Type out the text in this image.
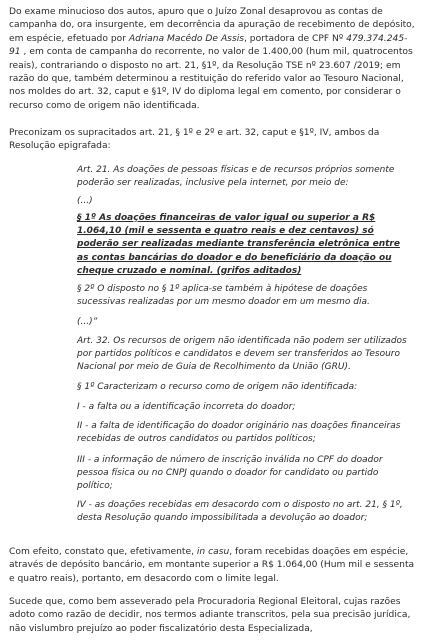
Do exame minucioso dos autos, apuro que o Juízo Zonal desaprovou as contas de campanha do, ora insurgente, em decorrência da apuração de recebimento de depósito, em espécie, efetuado por Adriana Macêdo De Assis, portadora de CPF Nº 479.374.245-91 , em conta de campanha do recorrente, no valor de 1.400,00 (hum mil, quatrocentos reais), contrariando o disposto no art. 21, §1º, da Resolução TSE nº 23.607 /2019; em razão do que, também determinou a restituição do referido valor ao Tesouro Nacional, nos moldes do art. 32, caput e §1º, IV do diploma legal em comento, por considerar o recurso como de origem não identificada.

Preconizam os supracitados art. 21, § 1º e 2º e art. 32, caput e §1º, IV, ambos da Resolução epigrafada:

Art. 21. As doações de pessoas físicas e de recursos próprios somente poderão ser realizadas, inclusive pela internet, por meio de:

(...)

§ 1º As doações financeiras de valor igual ou superior a R$ 1.064,10 (mil e sessenta e quatro reais e dez centavos) só poderão ser realizadas mediante transferência eletrônica entre as contas bancárias do doador e do beneficiário da doação ou cheque cruzado e nominal. (grifos aditados)

§ 2º O disposto no § 1º aplica-se também à hipótese de doações sucessivas realizadas por um mesmo doador em um mesmo dia.

(...)”

Art. 32. Os recursos de origem não identificada não podem ser utilizados por partidos políticos e candidatos e devem ser transferidos ao Tesouro Nacional por meio de Guia de Recolhimento da União (GRU).

§ 1º Caracterizam o recurso como de origem não identificada:

I - a falta ou a identificação incorreta do doador;

II - a falta de identificação do doador originário nas doações financeiras recebidas de outros candidatos ou partidos políticos;

III - a informação de número de inscrição inválida no CPF do doador pessoa física ou no CNPJ quando o doador for candidato ou partido político;

IV - as doações recebidas em desacordo com o disposto no art. 21, § 1º, desta Resolução quando impossibilitada a devolução ao doador;

Com efeito, constato que, efetivamente, in casu, foram recebidas doações em espécie, através de depósito bancário, em montante superior a R$ 1.064,00 (Hum mil e sessenta e quatro reais), portanto, em desacordo com o limite legal.

Sucede que, como bem asseverado pela Procuradoria Regional Eleitoral, cujas razões adoto como razão de decidir, nos termos adiante transcritos, pela sua precisão jurídica, não vislumbro prejuízo ao poder fiscalizatório desta Especializada,
